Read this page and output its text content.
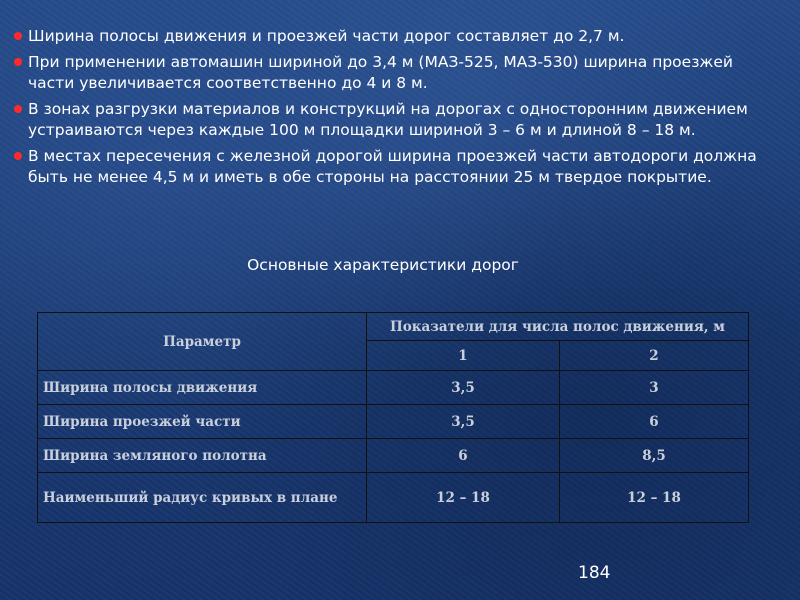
Ширина полосы движения и проезжей части дорог составляет до 2,7 м.
При применении автомашин шириной до 3,4 м (МАЗ-525, МАЗ-530) ширина проезжей части увеличивается соответственно до 4 и 8 м.
В зонах разгрузки материалов и конструкций на дорогах с односторонним движением устраиваются через каждые 100 м площадки шириной 3 – 6 м и длиной 8 – 18 м.
В местах пересечения с железной дорогой ширина проезжей части автодороги должна быть не менее 4,5 м и иметь в обе стороны на расстоянии 25 м твердое покрытие.
Основные характеристики дорог
Параметр	Показатели для числа полос движения, м	
	1	2
Ширина полосы движения	3,5	3
Ширина проезжей части	3,5	6
Ширина земляного полотна	6	8,5
Наименьший радиус кривых в плане	12 – 18	12 – 18
184
